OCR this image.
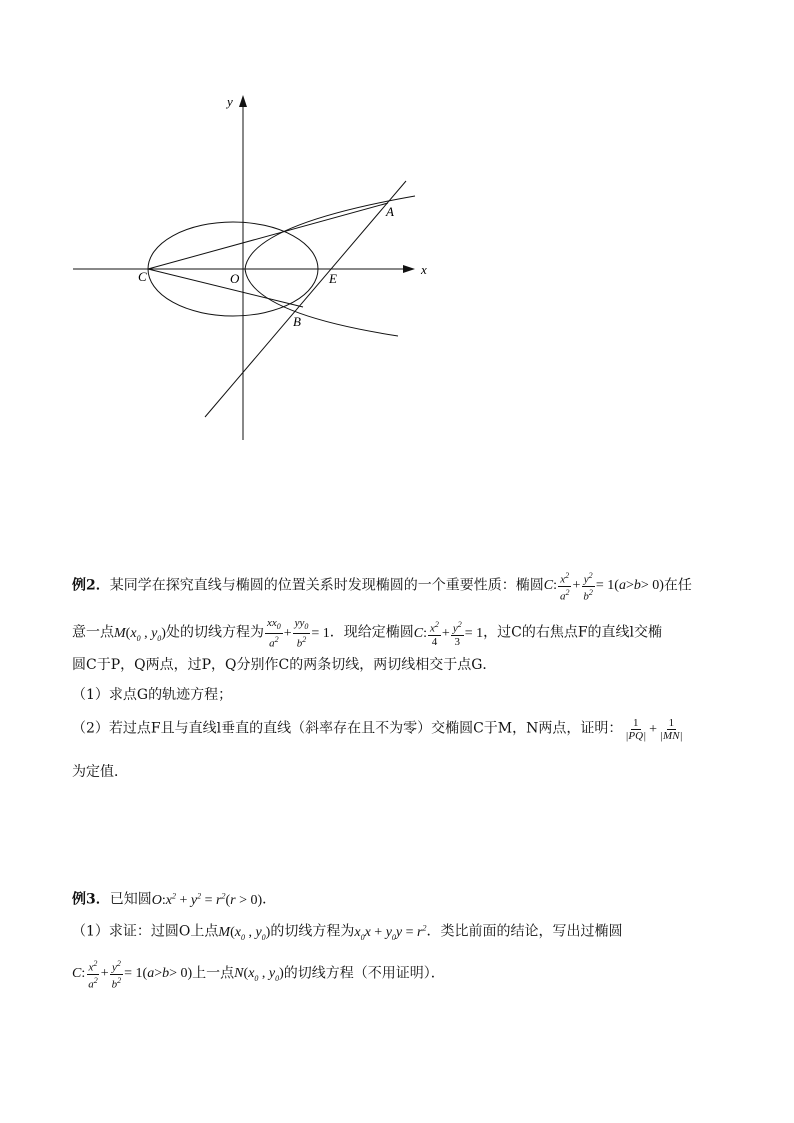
y
x
C	O	E
A
B
例2．某同学在探究直线与椭圆的位置关系时发现椭圆的一个重要性质：椭圆C: $\frac{x^2}{a^2} + \frac{y^2}{b^2} = 1(a>b> 0)$在任
意一点$M(x_0$ , $y_0$)处的切线方程为 $\frac{xx_0}{a^2} + \frac{yy_0}{b^2} = 1$．现给定椭圆C: $\frac{x^2}{4} + \frac{y^2}{3} = 1$，过C的右焦点F的直线l交椭
圆C于P，Q两点，过P，Q分别作C的两条切线，两切线相交于点G．
（1）求点G的轨迹方程；
（2）若过点F且与直线l垂直的直线（斜率存在且不为零）交椭圆C于M，N两点，证明： $\frac{1}{|PQ|} + \frac{1}{|MN|}$
为定值．
例3．已知圆$O:x^2 + y^2 = r^2(r > 0)$．
（1）求证：过圆O上点$M(x_0$ , $y_0$)的切线方程为$x_0x + y_0y = r^2$．类比前面的结论，写出过椭圆
C: $\frac{x^2}{a^2} + \frac{y^2}{b^2} = 1(a>b> 0)$上一点$N(x_0$ , $y_0$)的切线方程（不用证明）．
